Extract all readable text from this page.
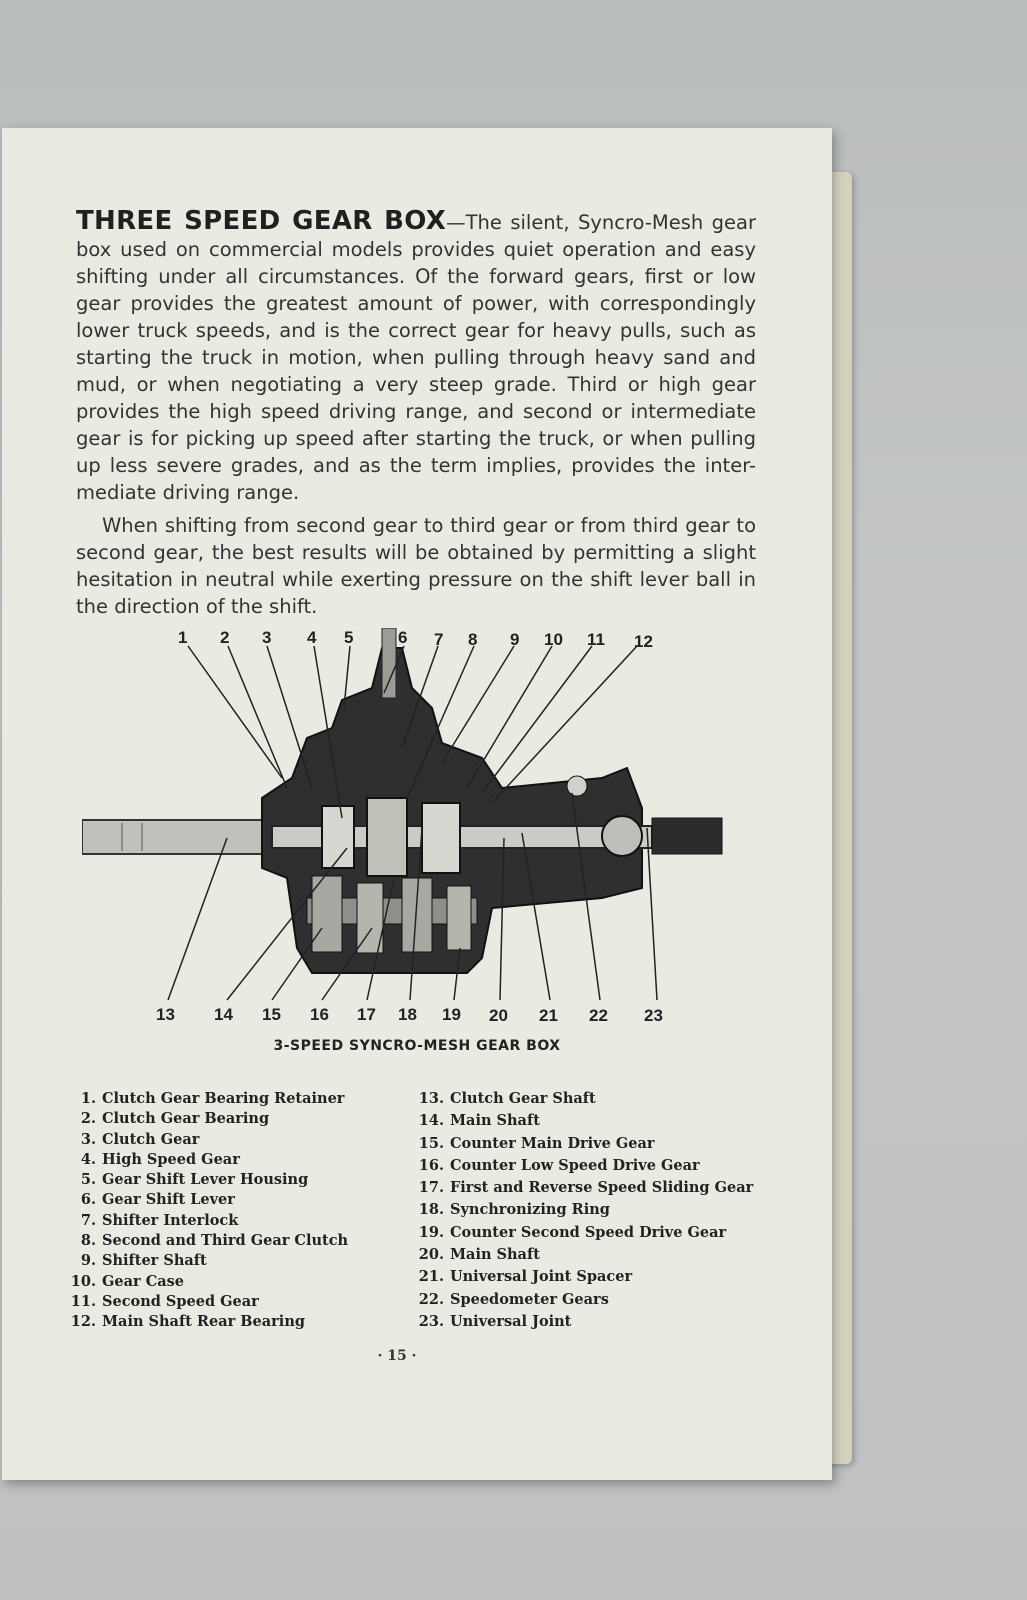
THREE SPEED GEAR BOX—The silent, Syncro-Mesh gear box used on commercial models provides quiet operation and easy shifting under all circumstances. Of the forward gears, first or low gear provides the greatest amount of power, with correspondingly lower truck speeds, and is the correct gear for heavy pulls, such as starting the truck in motion, when pulling through heavy sand and mud, or when negotiating a very steep grade. Third or high gear provides the high speed driving range, and second or intermediate gear is for picking up speed after starting the truck, or when pulling up less severe grades, and as the term implies, provides the inter-mediate driving range.

When shifting from second gear to third gear or from third gear to second gear, the best results will be obtained by permitting a slight hesitation in neutral while exerting pressure on the shift lever ball in the direction of the shift.

1 2 3 4 5	6 7 8 9 10 11 12
13 14 15 16 17 18 19 20 21 22 23
3-SPEED SYNCRO-MESH GEAR BOX
1. Clutch Gear Bearing Retainer
2. Clutch Gear Bearing
3. Clutch Gear
4. High Speed Gear
5. Gear Shift Lever Housing
6. Gear Shift Lever
7. Shifter Interlock
8. Second and Third Gear Clutch
9. Shifter Shaft
10. Gear Case
11. Second Speed Gear
12. Main Shaft Rear Bearing
13. Clutch Gear Shaft
14. Main Shaft
15. Counter Main Drive Gear
16. Counter Low Speed Drive Gear
17. First and Reverse Speed Sliding Gear
18. Synchronizing Ring
19. Counter Second Speed Drive Gear
20. Main Shaft
21. Universal Joint Spacer
22. Speedometer Gears
23. Universal Joint
· 15 ·
